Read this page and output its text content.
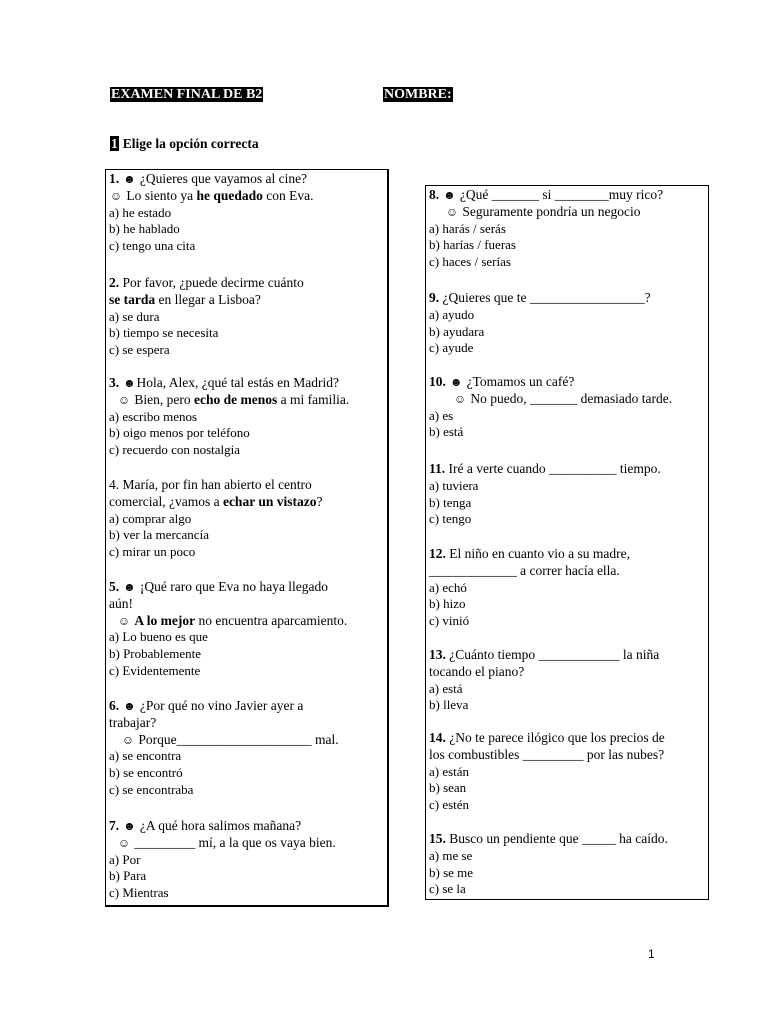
EXAMEN FINAL DE B2	NOMBRE:
1 Elige la opción correcta
1. ☻ ¿Quieres que vayamos al cine?
☺ Lo siento ya he quedado con Eva.
a) he estado
b) he hablado
c) tengo una cita
2. Por favor, ¿puede decirme cuánto
se tarda en llegar a Lisboa?
a) se dura
b) tiempo se necesita
c) se espera
3. ☻Hola, Alex, ¿qué tal estás en Madrid?
☺ Bien, pero echo de menos a mi familia.
a) escribo menos
b) oigo menos por teléfono
c) recuerdo con nostalgia
4. María, por fin han abierto el centro
comercial, ¿vamos a echar un vistazo?
a) comprar algo
b) ver la mercancía
c) mirar un poco
5. ☻ ¡Qué raro que Eva no haya llegado
aún!
☺ A lo mejor no encuentra aparcamiento.
a) Lo bueno es que
b) Probablemente
c) Evidentemente
6. ☻ ¿Por qué no vino Javier ayer a
trabajar?
☺ Porque____________________ mal.
a) se encontra
b) se encontró
c) se encontraba
7. ☻ ¿A qué hora salimos mañana?
☺ _________ mí, a la que os vaya bien.
a) Por
b) Para
c) Mientras
8. ☻ ¿Qué _______ si ________muy rico?
☺ Seguramente pondría un negocio
a) harás / serás
b) harías / fueras
c) haces / serías
9. ¿Quieres que te _________________?
a) ayudo
b) ayudara
c) ayude
10. ☻ ¿Tomamos un café?
☺ No puedo, _______ demasiado tarde.
a) es
b) está
11. Iré a verte cuando __________ tiempo.
a) tuviera
b) tenga
c) tengo
12. El niño en cuanto vio a su madre,
_____________ a correr hacía ella.
a) echó
b) hizo
c) vinió
13. ¿Cuánto tiempo ____________ la niña
tocando el piano?
a) está
b) lleva
14. ¿No te parece ilógico que los precios de
los combustibles _________ por las nubes?
a) están
b) sean
c) estén
15. Busco un pendiente que _____ ha caído.
a) me se
b) se me
c) se la
1
